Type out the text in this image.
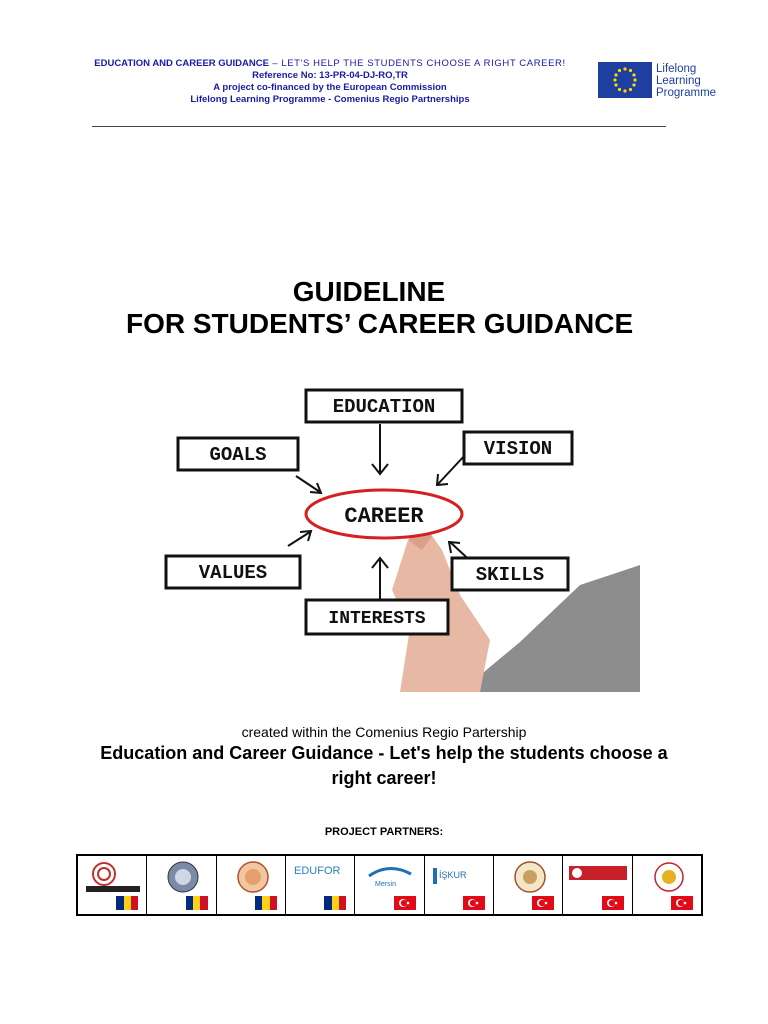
EDUCATION AND CAREER GUIDANCE – LET'S HELP THE STUDENTS CHOOSE A RIGHT CAREER!
Reference No: 13-PR-04-DJ-RO,TR
A project co-financed by the European Commission
Lifelong Learning Programme - Comenius Regio Partnerships
Lifelong
Learning
Programme
GUIDELINE
FOR STUDENTS’ CAREER GUIDANCE
EDUCATION
GOALS	VISION
CAREER
VALUES	SKILLS
INTERESTS
created within the Comenius Regio Partership
Education and Career Guidance - Let's help the students choose a right career!
PROJECT PARTNERS:
EDUFOR
Mersin
İŞKUR
